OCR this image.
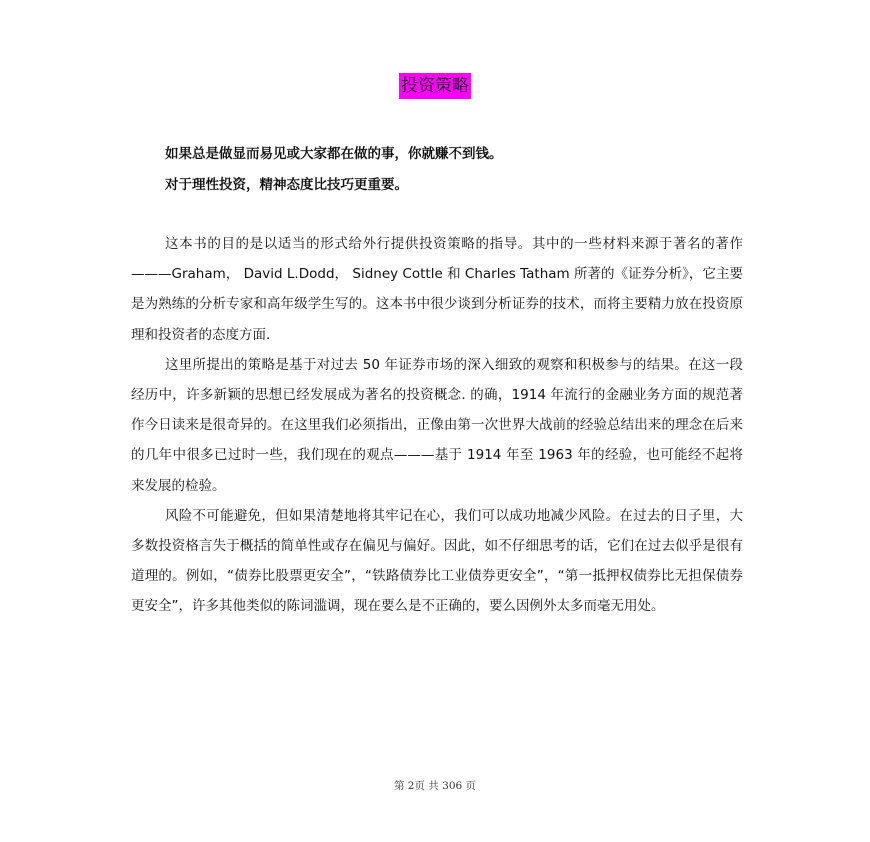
投资策略

如果总是做显而易见或大家都在做的事，你就赚不到钱。

对于理性投资，精神态度比技巧更重要。

这本书的目的是以适当的形式给外行提供投资策略的指导。其中的一些材料来源于著名的著作———Graham， David L.Dodd， Sidney Cottle 和 Charles Tatham 所著的《证券分析》，它主要是为熟练的分析专家和高年级学生写的。这本书中很少谈到分析证券的技术，而将主要精力放在投资原理和投资者的态度方面.

这里所提出的策略是基于对过去 50 年证券市场的深入细致的观察和积极参与的结果。在这一段经历中，许多新颖的思想已经发展成为著名的投资概念. 的确，1914 年流行的金融业务方面的规范著作今日读来是很奇异的。在这里我们必须指出，正像由第一次世界大战前的经验总结出来的理念在后来的几年中很多已过时一些，我们现在的观点———基于 1914 年至 1963 年的经验，也可能经不起将来发展的检验。

风险不可能避免，但如果清楚地将其牢记在心，我们可以成功地减少风险。在过去的日子里，大多数投资格言失于概括的简单性或存在偏见与偏好。因此，如不仔细思考的话，它们在过去似乎是很有道理的。例如，“债券比股票更安全”，“铁路债券比工业债券更安全”，“第一抵押权债券比无担保债券更安全”，许多其他类似的陈词滥调，现在要么是不正确的，要么因例外太多而毫无用处。

第 2页 共 306 页
